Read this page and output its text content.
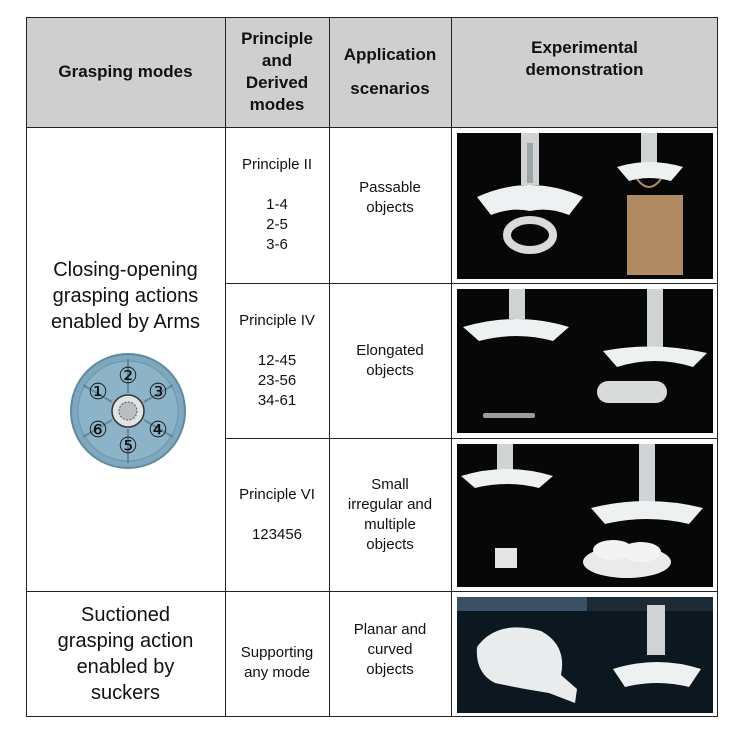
Grasping modes
Principle
and
Derived
modes
Application
scenarios
Experimental
demonstration
Closing-opening
grasping actions
enabled by Arms
①
②
③
④
⑤
⑥
Principle II
1-4
2-5
3-6
Passable
objects
Principle IV
12-45
23-56
34-61
Elongated
objects
Principle VI
123456
Small
irregular and
multiple
objects
Suctioned
grasping action
enabled by
suckers
Supporting
any mode
Planar and
curved
objects
